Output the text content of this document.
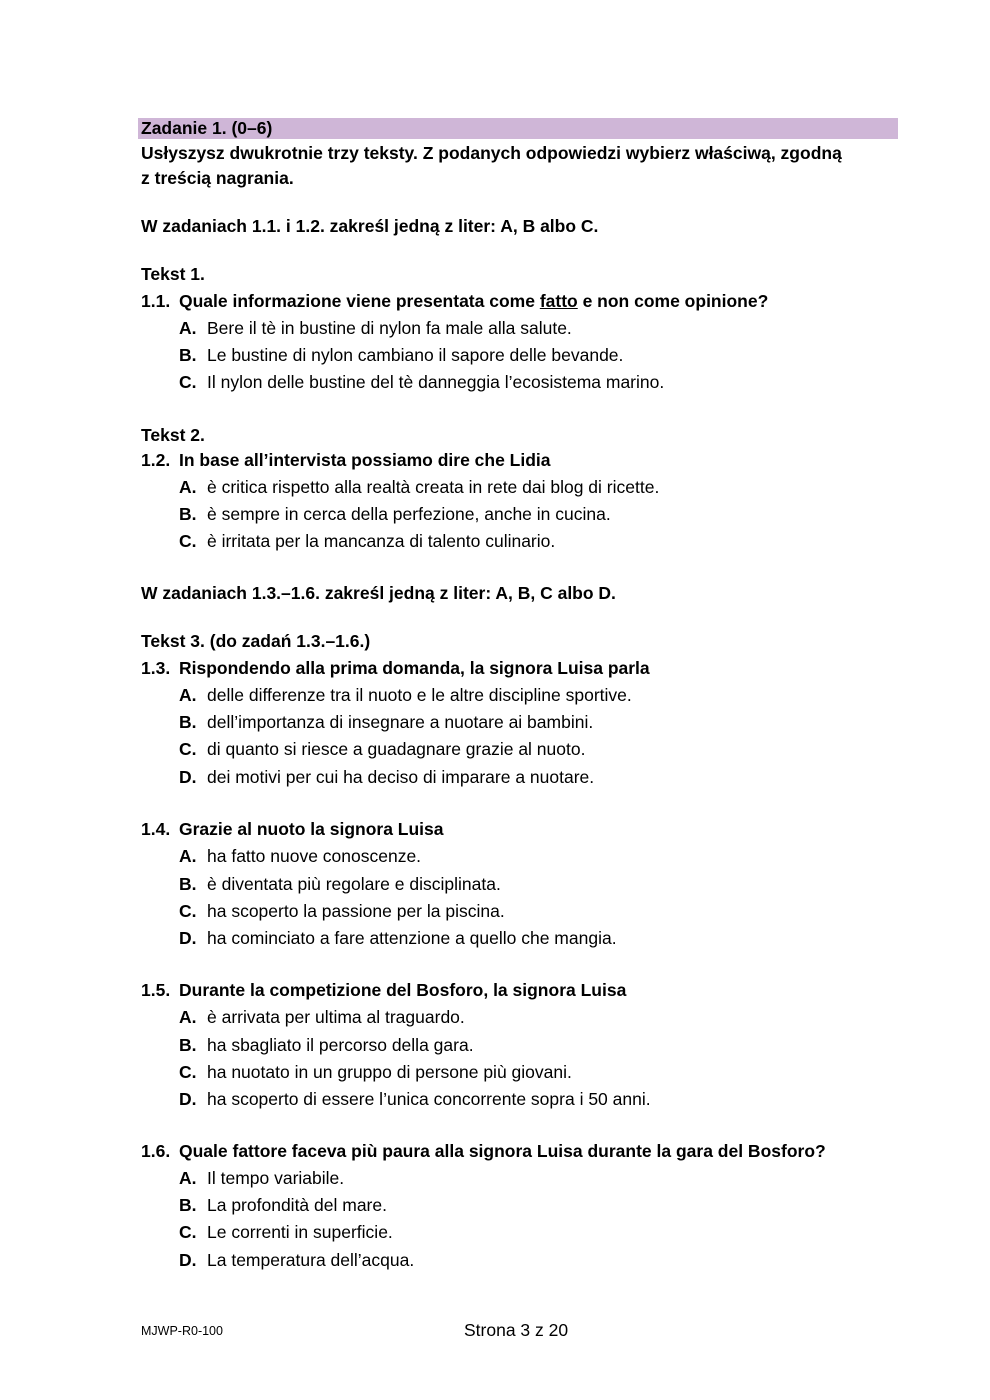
Zadanie 1. (0–6)
Usłyszysz dwukrotnie trzy teksty. Z podanych odpowiedzi wybierz właściwą, zgodną
z treścią nagrania.
W zadaniach 1.1. i 1.2. zakreśl jedną z liter: A, B albo C.
Tekst 1.
1.1. Quale informazione viene presentata come fatto e non come opinione?
A. Bere il tè in bustine di nylon fa male alla salute.
B. Le bustine di nylon cambiano il sapore delle bevande.
C. Il nylon delle bustine del tè danneggia l’ecosistema marino.
Tekst 2.
1.2. In base all’intervista possiamo dire che Lidia
A. è critica rispetto alla realtà creata in rete dai blog di ricette.
B. è sempre in cerca della perfezione, anche in cucina.
C. è irritata per la mancanza di talento culinario.
W zadaniach 1.3.–1.6. zakreśl jedną z liter: A, B, C albo D.
Tekst 3. (do zadań 1.3.–1.6.)
1.3. Rispondendo alla prima domanda, la signora Luisa parla
A. delle differenze tra il nuoto e le altre discipline sportive.
B. dell’importanza di insegnare a nuotare ai bambini.
C. di quanto si riesce a guadagnare grazie al nuoto.
D. dei motivi per cui ha deciso di imparare a nuotare.
1.4. Grazie al nuoto la signora Luisa
A. ha fatto nuove conoscenze.
B. è diventata più regolare e disciplinata.
C. ha scoperto la passione per la piscina.
D. ha cominciato a fare attenzione a quello che mangia.
1.5. Durante la competizione del Bosforo, la signora Luisa
A. è arrivata per ultima al traguardo.
B. ha sbagliato il percorso della gara.
C. ha nuotato in un gruppo di persone più giovani.
D. ha scoperto di essere l’unica concorrente sopra i 50 anni.
1.6. Quale fattore faceva più paura alla signora Luisa durante la gara del Bosforo?
A. Il tempo variabile.
B. La profondità del mare.
C. Le correnti in superficie.
D. La temperatura dell’acqua.
MJWP-R0-100	Strona 3 z 20
